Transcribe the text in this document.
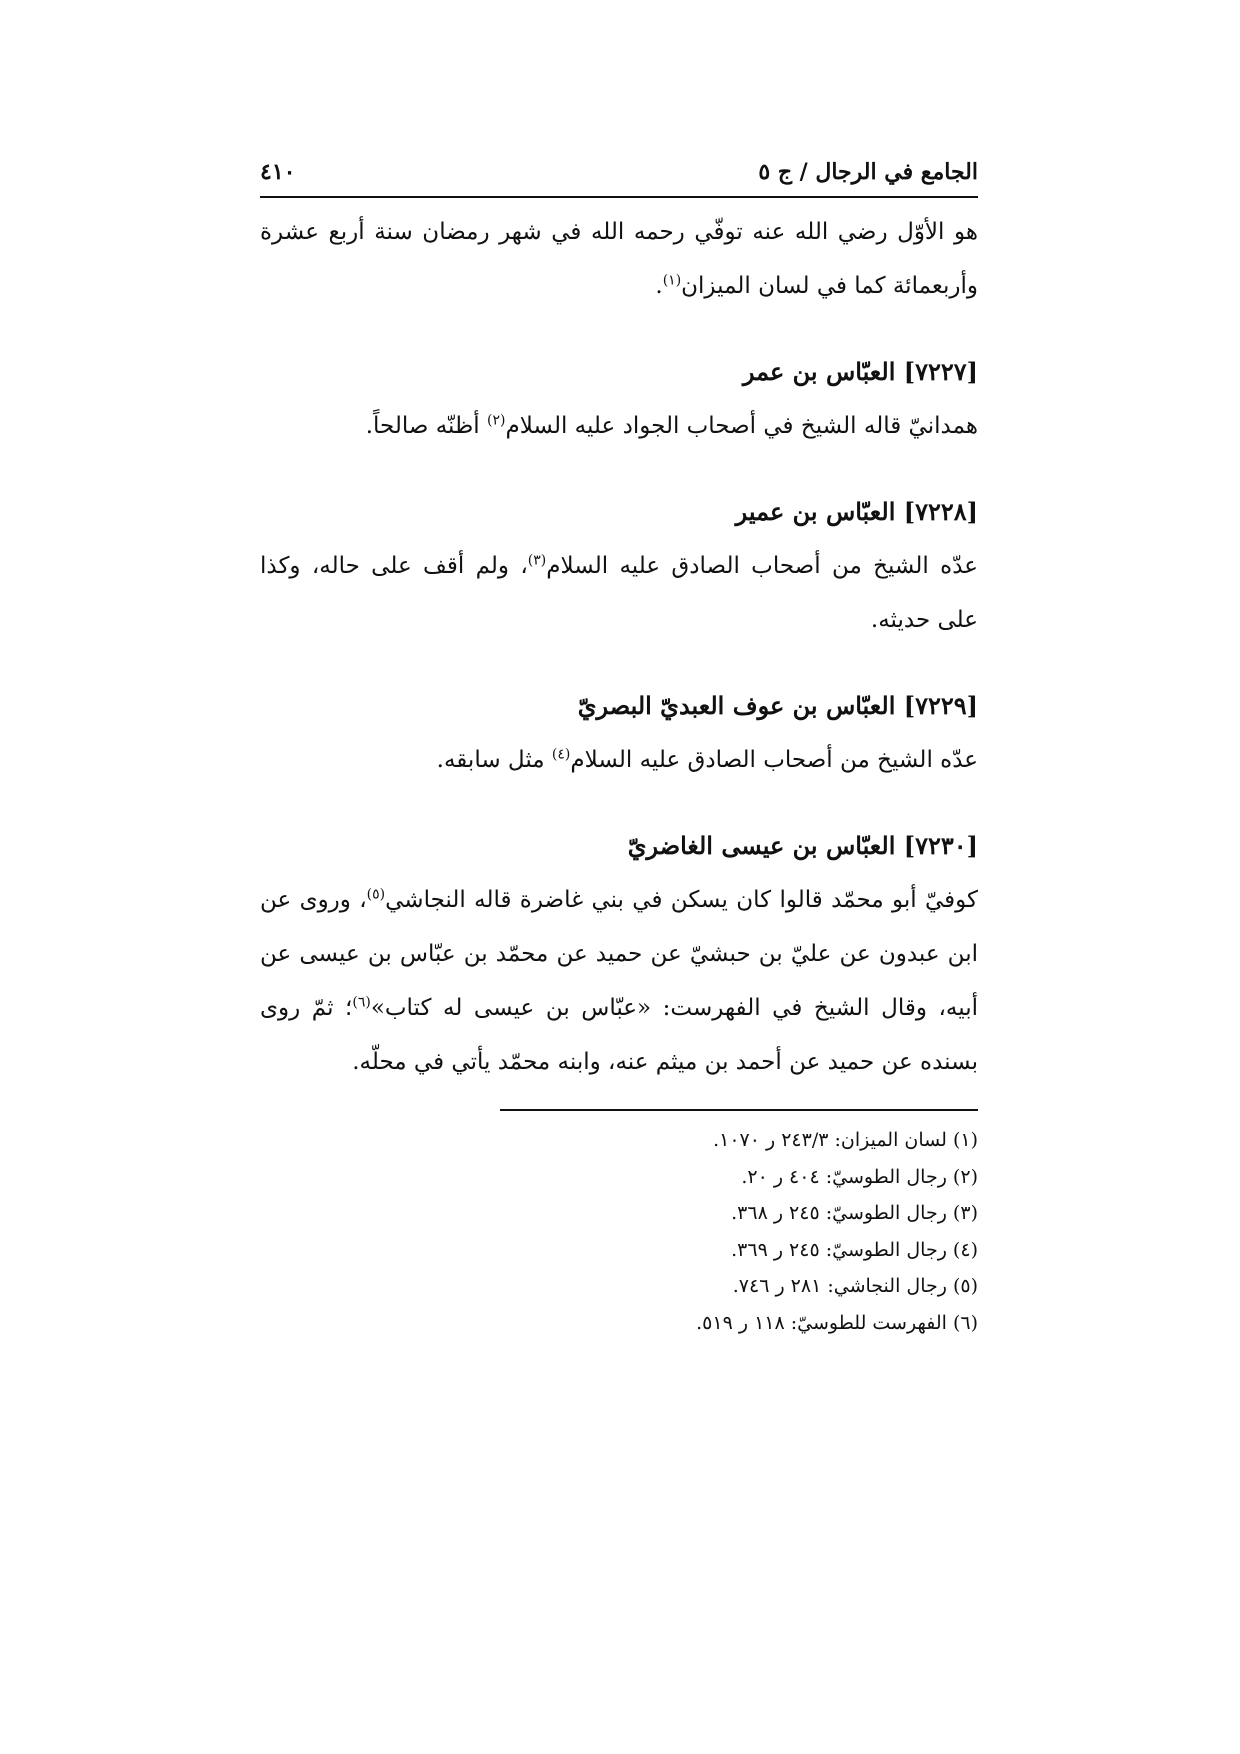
الجامع في الرجال / ج ٥
٤١٠

هو الأوّل رضي الله عنه توفّي رحمه الله في شهر رمضان سنة أربع عشرة وأربعمائة كما في لسان الميزان$^{(١)}$.

[٧٢٢٧] العبّاس بن عمر

همدانيّ قاله الشيخ في أصحاب الجواد عليه السلام$^{(٢)}$ أظنّه صالحاً.

[٧٢٢٨] العبّاس بن عمير

عدّه الشيخ من أصحاب الصادق عليه السلام$^{(٣)}$، ولم أقف على حاله، وكذا على حديثه.

[٧٢٢٩] العبّاس بن عوف العبديّ البصريّ

عدّه الشيخ من أصحاب الصادق عليه السلام$^{(٤)}$ مثل سابقه.

[٧٢٣٠] العبّاس بن عيسى الغاضريّ

كوفيّ أبو محمّد قالوا كان يسكن في بني غاضرة قاله النجاشي$^{(٥)}$، وروى عن ابن عبدون عن عليّ بن حبشيّ عن حميد عن محمّد بن عبّاس بن عيسى عن أبيه، وقال الشيخ في الفهرست: «عبّاس بن عيسى له كتاب»$^{(٦)}$؛ ثمّ روى بسنده عن حميد عن أحمد بن ميثم عنه، وابنه محمّد يأتي في محلّه.

(١) لسان الميزان: ٢٤٣/٣ ر ١٠٧٠.
(٢) رجال الطوسيّ: ٤٠٤ ر ٢٠.
(٣) رجال الطوسيّ: ٢٤٥ ر ٣٦٨.
(٤) رجال الطوسيّ: ٢٤٥ ر ٣٦٩.
(٥) رجال النجاشي: ٢٨١ ر ٧٤٦.
(٦) الفهرست للطوسيّ: ١١٨ ر ٥١٩.
